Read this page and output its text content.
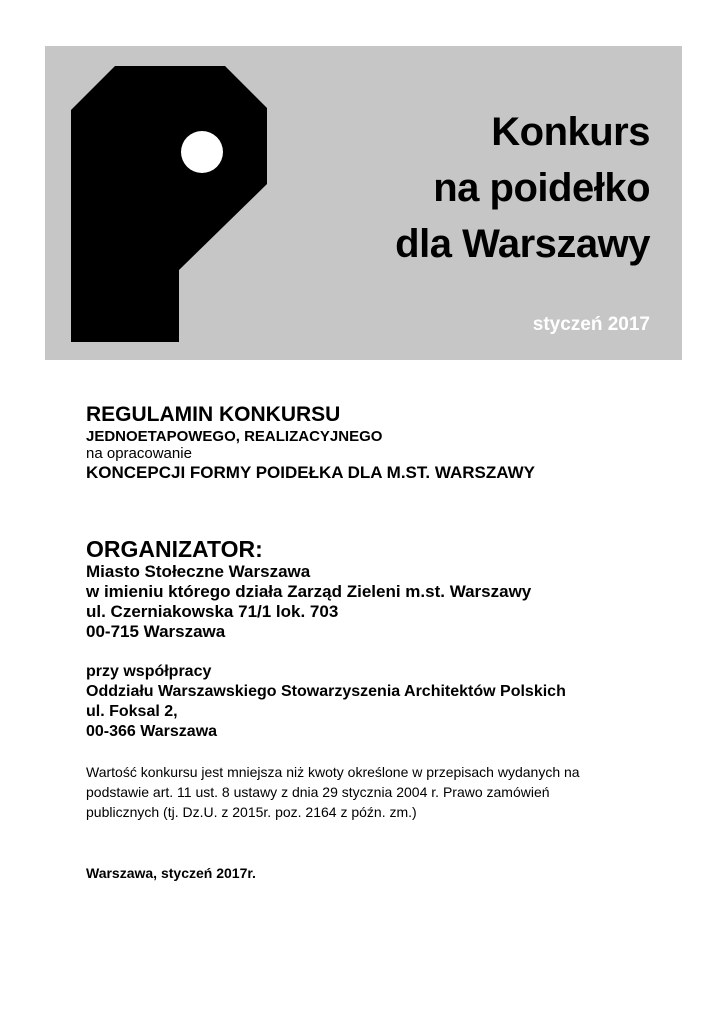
Konkurs
na poidełko
dla Warszawy
styczeń 2017

REGULAMIN KONKURSU

JEDNOETAPOWEGO, REALIZACYJNEGO

na opracowanie

KONCEPCJI FORMY POIDEŁKA DLA M.ST. WARSZAWY

ORGANIZATOR:

Miasto Stołeczne Warszawa

w imieniu którego działa Zarząd Zieleni m.st. Warszawy

ul. Czerniakowska 71/1 lok. 703

00-715 Warszawa

przy współpracy

Oddziału Warszawskiego Stowarzyszenia Architektów Polskich

ul. Foksal 2,

00-366 Warszawa

Wartość konkursu jest mniejsza niż kwoty określone w przepisach wydanych na podstawie art. 11 ust. 8 ustawy z dnia 29 stycznia 2004 r. Prawo zamówień publicznych (tj. Dz.U. z 2015r. poz. 2164 z późn. zm.)

Warszawa, styczeń 2017r.
